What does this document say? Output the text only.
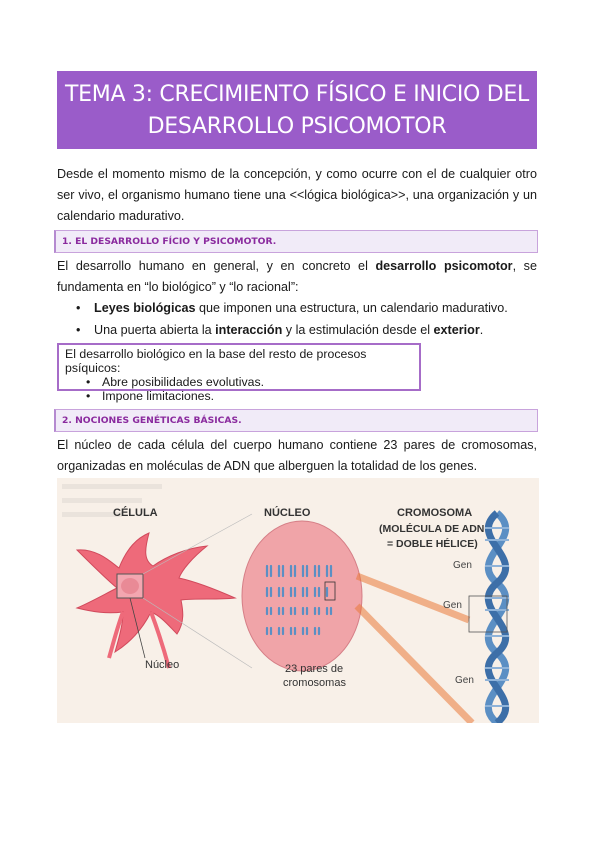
TEMA 3: CRECIMIENTO FÍSICO E INICIO DEL
DESARROLLO PSICOMOTOR

Desde el momento mismo de la concepción, y como ocurre con el de cualquier otro ser vivo, el organismo humano tiene una <<lógica biológica>>, una organización y un calendario madurativo.

1. EL DESARROLLO FÍCIO Y PSICOMOTOR.

El desarrollo humano en general, y en concreto el desarrollo psicomotor, se fundamenta en “lo biológico” y “lo racional”:

• Leyes biológicas que imponen una estructura, un calendario madurativo.
• Una puerta abierta la interacción y la estimulación desde el exterior.
El desarrollo biológico en la base del resto de procesos psíquicos:
• Abre posibilidades evolutivas.
• Impone limitaciones.
2. NOCIONES GENÉTICAS BÁSICAS.

El núcleo de cada célula del cuerpo humano contiene 23 pares de cromosomas, organizadas en moléculas de ADN que alberguen la totalidad de los genes.

CÉLULA	NÚCLEO	CROMOSOMA
(MOLÉCULA DE ADN
= DOBLE HÉLICE)
Núcleo	23 pares de
cromosomas
Gen
Gen
Gen
